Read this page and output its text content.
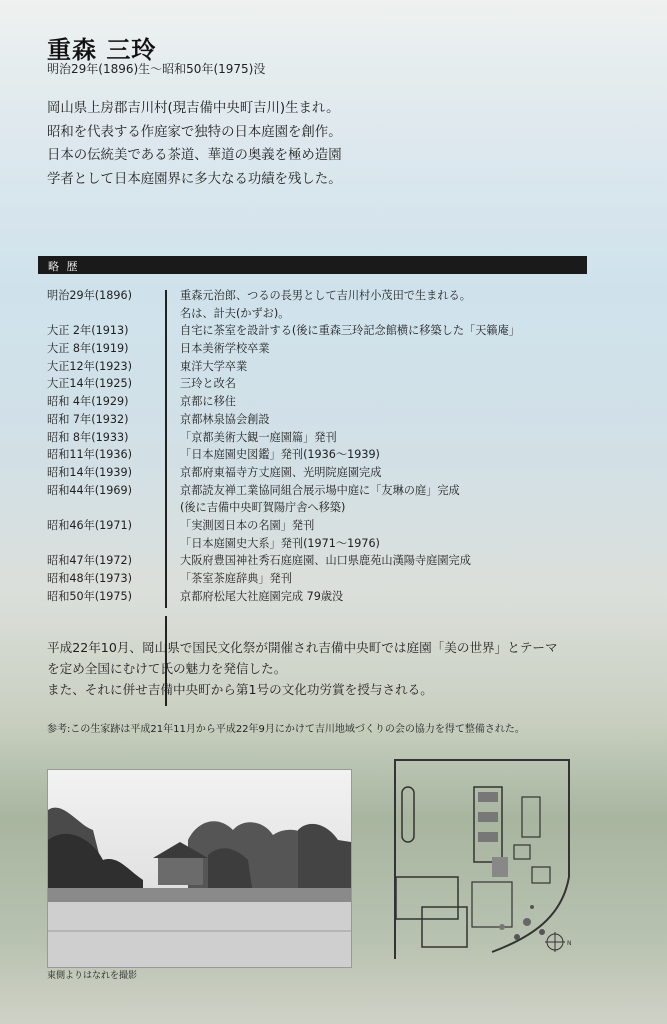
重森 三玲
明治29年(1896)生〜昭和50年(1975)没
岡山県上房郡吉川村(現吉備中央町吉川)生まれ。
昭和を代表する作庭家で独特の日本庭園を創作。
日本の伝統美である茶道、華道の奥義を極め造園
学者として日本庭園界に多大なる功績を残した。
略 歴
明治29年(1896)	重森元治郎、つるの長男として吉川村小茂田で生まれる。
名は、計夫(かずお)。
大正 2年(1913)	自宅に茶室を設計する(後に重森三玲記念館横に移築した「天籟庵」
大正 8年(1919)	日本美術学校卒業
大正12年(1923)	東洋大学卒業
大正14年(1925)	三玲と改名
昭和 4年(1929)	京都に移住
昭和 7年(1932)	京都林泉協会創設
昭和 8年(1933)	「京都美術大観一庭園篇」発刊
昭和11年(1936)	「日本庭園史図鑑」発刊(1936〜1939)
昭和14年(1939)	京都府東福寺方丈庭園、光明院庭園完成
昭和44年(1969)	京都読友禅工業協同組合展示場中庭に「友琳の庭」完成
(後に吉備中央町賀陽庁舎へ移築)
昭和46年(1971)	「実測図日本の名園」発刊
「日本庭園史大系」発刊(1971〜1976)
昭和47年(1972)	大阪府豊国神社秀石庭庭園、山口県鹿苑山漢陽寺庭園完成
昭和48年(1973)	「茶室茶庭辞典」発刊
昭和50年(1975)	京都府松尾大社庭園完成 79歳没
平成22年10月、岡山県で国民文化祭が開催され吉備中央町では庭園「美の世界」とテーマ
を定め全国にむけて氏の魅力を発信した。
また、それに併せ吉備中央町から第1号の文化功労賞を授与される。
参考:この生家跡は平成21年11月から平成22年9月にかけて吉川地域づくりの会の協力を得て整備された。
東側よりはなれを撮影
N
